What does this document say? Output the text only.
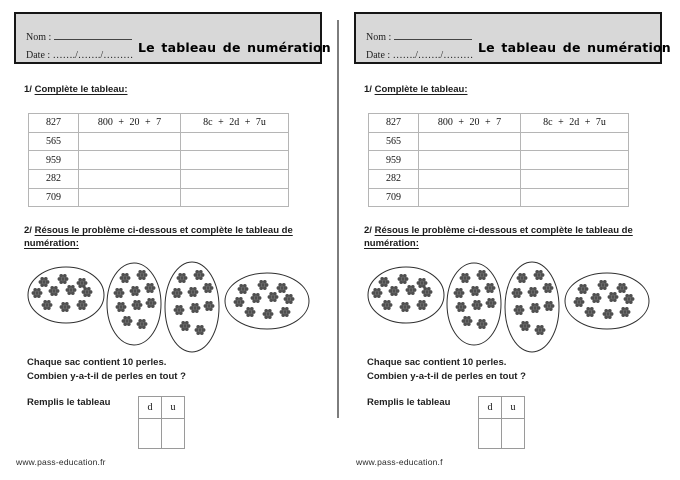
Nom :
Date : ……./……./………
Le tableau de numération
1/ Complète le tableau:
827	800 + 20 + 7	8c + 2d + 7u
565		
959		
282		
709		
2/ Résous le problème ci-dessous et complète le tableau de numération:
Chaque sac contient 10 perles.
Combien y-a-t-il de perles en tout ?
Remplis le tableau	d	u

www.pass-education.fr
Nom :
Date : ……./……./………
Le tableau de numération
1/ Complète le tableau:
827	800 + 20 + 7	8c + 2d + 7u
565		
959		
282		
709		
2/ Résous le problème ci-dessous et complète le tableau de numération:
Chaque sac contient 10 perles.
Combien y-a-t-il de perles en tout ?
Remplis le tableau	d	u

www.pass-education.f
